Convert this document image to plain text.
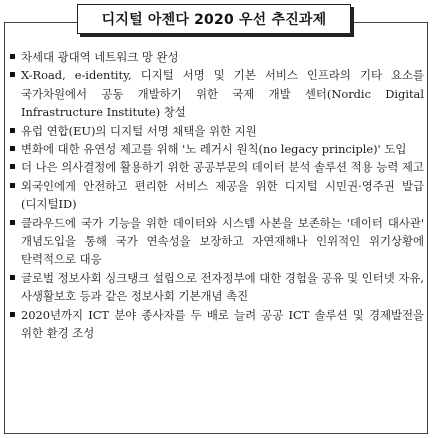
디지털 아젠다 2020 우선 추진과제
차세대 광대역 네트워크 망 완성
X-Road, e-identity, 디지털 서명 및 기본 서비스 인프라의 기타 요소를 국가차원에서 공동 개발하기 위한 국제 개발 센터(Nordic Digital Infrastructure Institute) 창설
유럽 연합(EU)의 디지털 서명 채택을 위한 지원
변화에 대한 유연성 제고를 위해 '노 레거시 원칙(no legacy principle)' 도입
더 나은 의사결정에 활용하기 위한 공공부문의 데이터 분석 솔루션 적용 능력 제고
외국인에게 안전하고 편리한 서비스 제공을 위한 디지털 시민권·영주권 발급(디지털ID)
클라우드에 국가 기능을 위한 데이터와 시스템 사본을 보존하는 '데이터 대사관' 개념도입을 통해 국가 연속성을 보장하고 자연재해나 인위적인 위기상황에 탄력적으로 대응
글로벌 정보사회 싱크탱크 설립으로 전자정부에 대한 경험을 공유 및 인터넷 자유, 사생활보호 등과 같은 정보사회 기본개념 촉진
2020년까지 ICT 분야 종사자를 두 배로 늘려 공공 ICT 솔루션 및 경제발전을 위한 환경 조성
